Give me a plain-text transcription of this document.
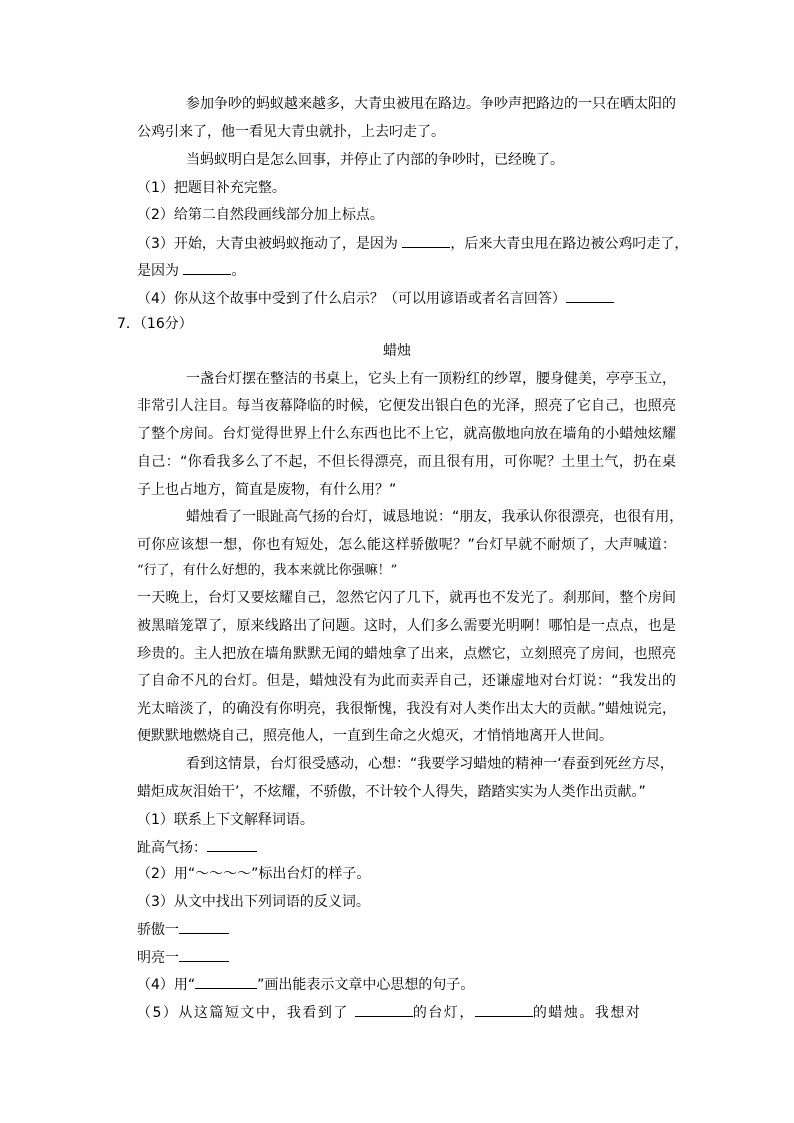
参加争吵的蚂蚁越来越多，大青虫被甩在路边。争吵声把路边的一只在晒太阳的
公鸡引来了，他一看见大青虫就扑，上去叼走了。
当蚂蚁明白是怎么回事，并停止了内部的争吵时，已经晚了。
（1）把题目补充完整。
（2）给第二自然段画线部分加上标点。
（3）开始，大青虫被蚂蚁拖动了，是因为	，后来大青虫甩在路边被公鸡叼走了，
是因为	。
（4）你从这个故事中受到了什么启示？（可以用谚语或者名言回答）
7．（16分）
蜡烛
一盏台灯摆在整洁的书桌上，它头上有一顶粉红的纱罩，腰身健美，亭亭玉立，
非常引人注目。每当夜幕降临的时候，它便发出银白色的光泽，照亮了它自己，也照亮
了整个房间。台灯觉得世界上什么东西也比不上它，就高傲地向放在墙角的小蜡烛炫耀
自己：“你看我多么了不起，不但长得漂亮，而且很有用，可你呢？土里土气，扔在桌
子上也占地方，简直是废物，有什么用？”
蜡烛看了一眼趾高气扬的台灯，诚恳地说：“朋友，我承认你很漂亮，也很有用，
可你应该想一想，你也有短处，怎么能这样骄傲呢？”台灯早就不耐烦了，大声喊道：
“行了，有什么好想的，我本来就比你强嘛！”
一天晚上，台灯又要炫耀自己，忽然它闪了几下，就再也不发光了。刹那间，整个房间
被黑暗笼罩了，原来线路出了问题。这时，人们多么需要光明啊！哪怕是一点点，也是
珍贵的。主人把放在墙角默默无闻的蜡烛拿了出来，点燃它，立刻照亮了房间，也照亮
了自命不凡的台灯。但是，蜡烛没有为此而卖弄自己，还谦虚地对台灯说：“我发出的
光太暗淡了，的确没有你明亮，我很惭愧，我没有对人类作出太大的贡献。”蜡烛说完，
便默默地燃烧自己，照亮他人，一直到生命之火熄灭，才悄悄地离开人世间。
看到这情景，台灯很受感动，心想：“我要学习蜡烛的精神一‘春蚕到死丝方尽，
蜡炬成灰泪始干’，不炫耀，不骄傲，不计较个人得失，踏踏实实为人类作出贡献。”
（1）联系上下文解释词语。
趾高气扬：
（2）用“～～～～”标出台灯的样子。
（3）从文中找出下列词语的反义词。
骄傲一
明亮一
（4）用“	”画出能表示文章中心思想的句子。
（5）从这篇短文中，我看到了	的台灯，	的蜡烛。我想对
